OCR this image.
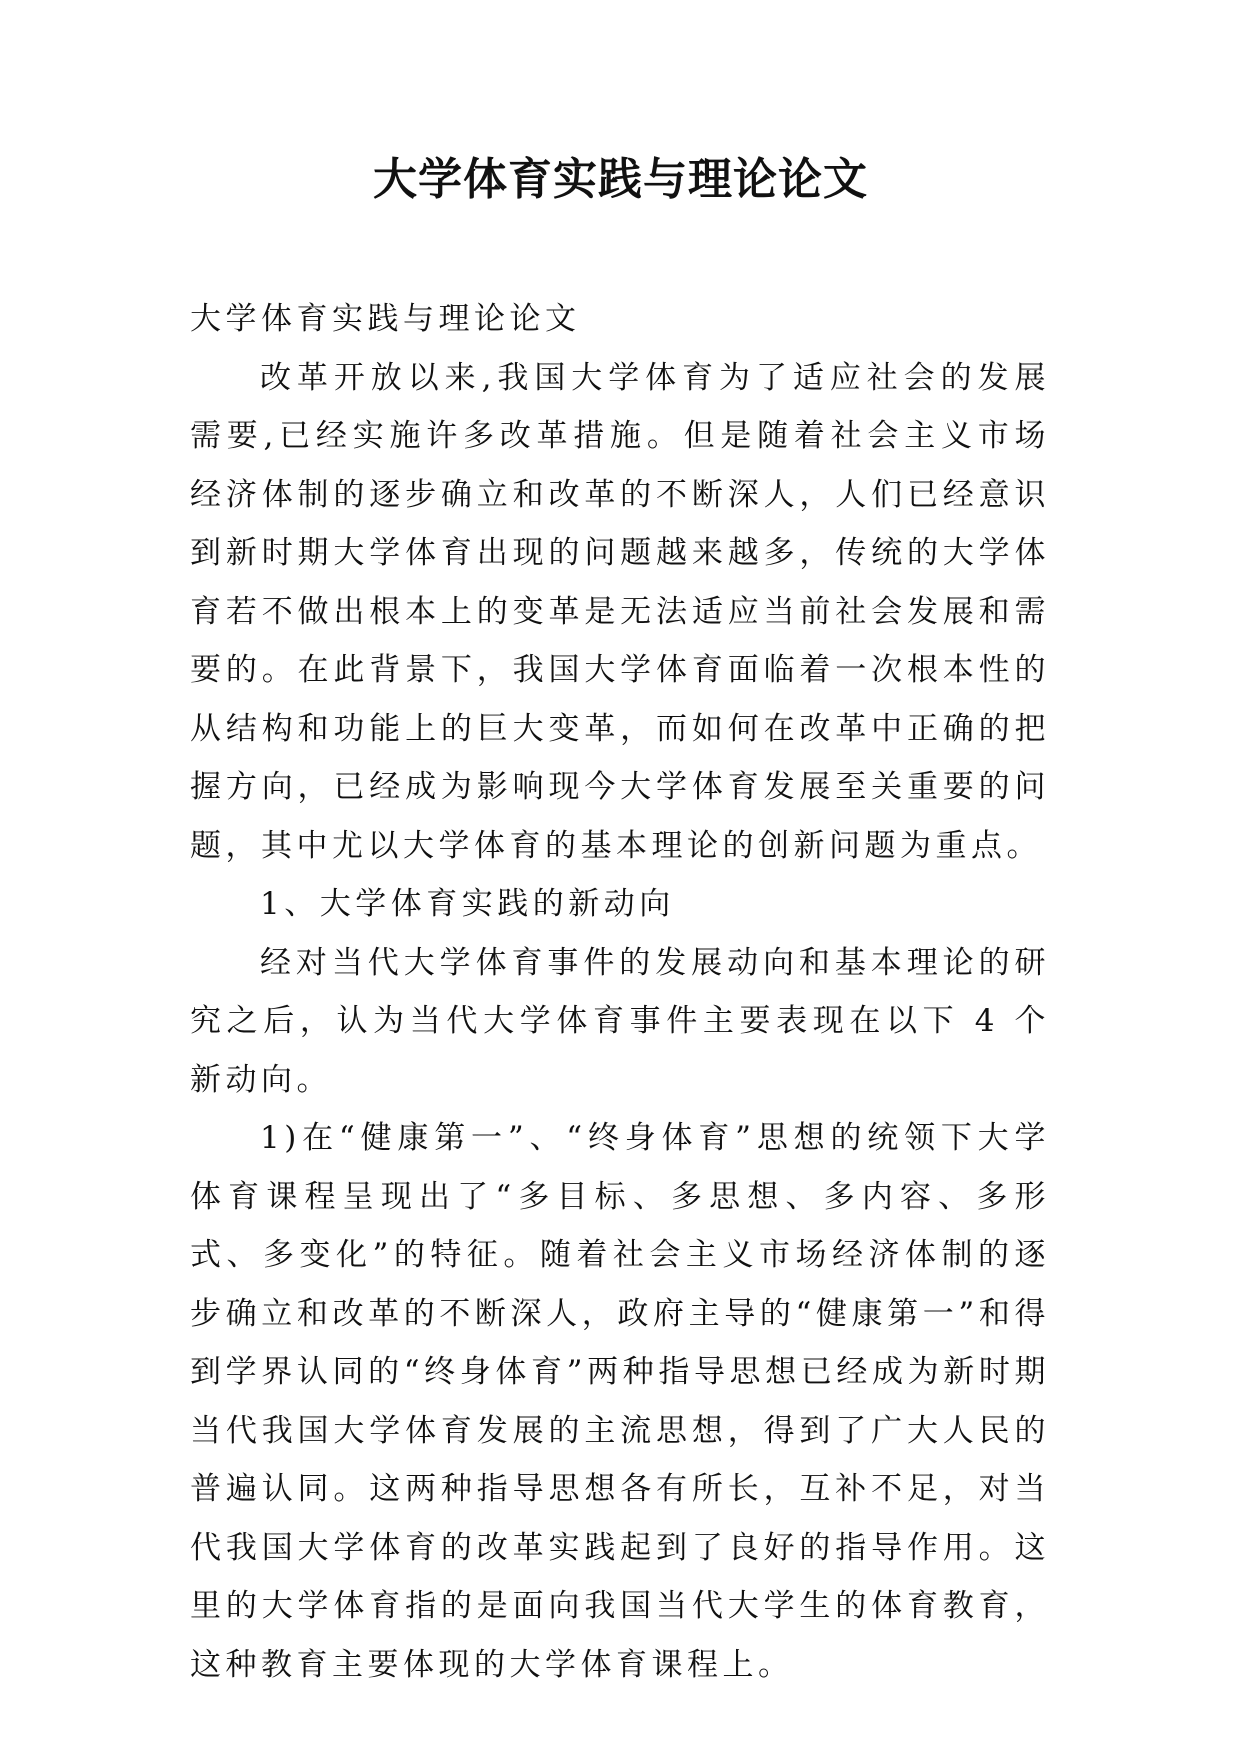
大学体育实践与理论论文

大学体育实践与理论论文

改革开放以来,我国大学体育为了适应社会的发展需要,已经实施许多改革措施。但是随着社会主义市场经济体制的逐步确立和改革的不断深人，人们已经意识到新时期大学体育出现的问题越来越多，传统的大学体育若不做出根本上的变革是无法适应当前社会发展和需要的。在此背景下，我国大学体育面临着一次根本性的从结构和功能上的巨大变革，而如何在改革中正确的把握方向，已经成为影响现今大学体育发展至关重要的问题，其中尤以大学体育的基本理论的创新问题为重点。

1、大学体育实践的新动向

经对当代大学体育事件的发展动向和基本理论的研究之后，认为当代大学体育事件主要表现在以下 4 个新动向。

1)在“健康第一”、“终身体育”思想的统领下大学体育课程呈现出了“多目标、多思想、多内容、多形式、多变化”的特征。随着社会主义市场经济体制的逐步确立和改革的不断深人，政府主导的“健康第一”和得到学界认同的“终身体育”两种指导思想已经成为新时期当代我国大学体育发展的主流思想，得到了广大人民的普遍认同。这两种指导思想各有所长，互补不足，对当代我国大学体育的改革实践起到了良好的指导作用。这里的大学体育指的是面向我国当代大学生的体育教育，这种教育主要体现的大学体育课程上。
